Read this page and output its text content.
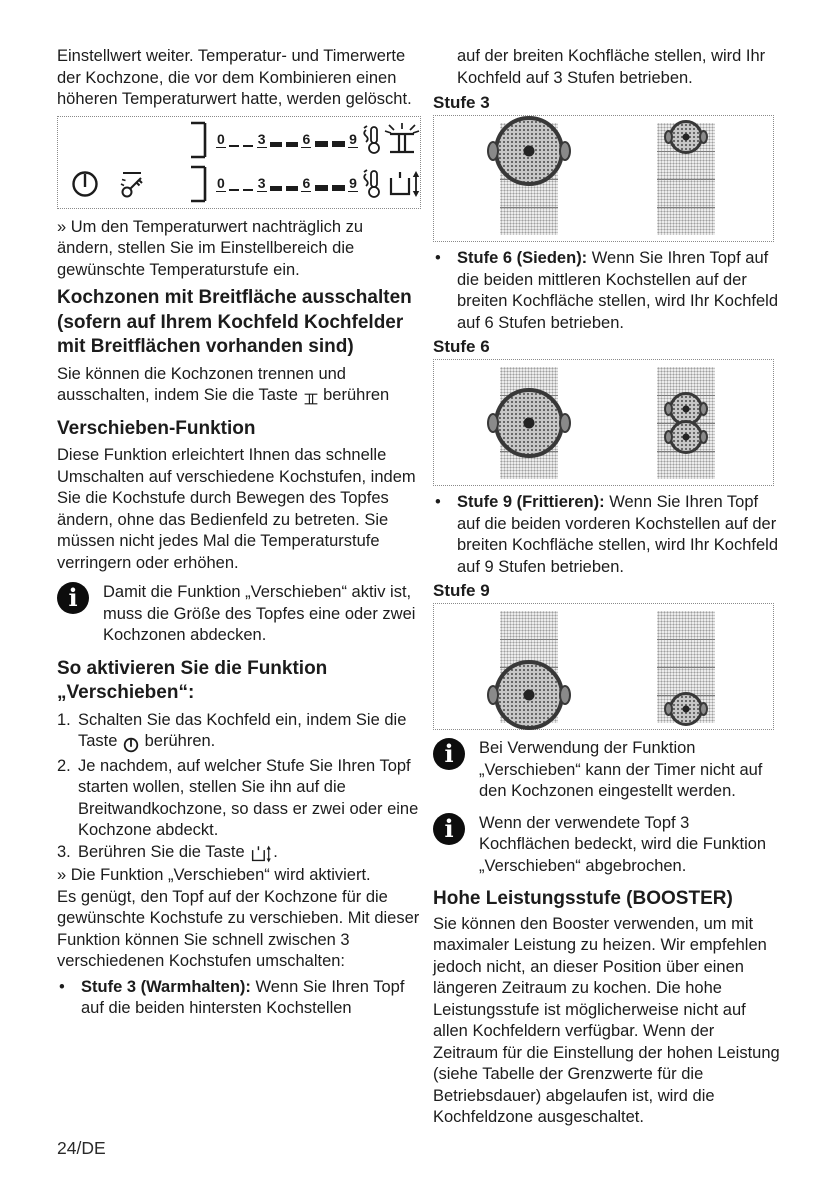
Einstellwert weiter. Temperatur- und Timerwerte der Kochzone, die vor dem Kombinieren einen höheren Temperaturwert hatte, werden gelöscht.

0 3	6	9
0 3	6	9

» Um den Temperaturwert nachträglich zu ändern, stellen Sie im Einstellbereich die gewünschte Temperaturstufe ein.

Kochzonen mit Breitfläche ausschalten (sofern auf Ihrem Kochfeld Kochfelder mit Breitflächen vorhanden sind)

Sie können die Kochzonen trennen und ausschalten, indem Sie die Taste berühren

Verschieben-Funktion

Diese Funktion erleichtert Ihnen das schnelle Umschalten auf verschiedene Kochstufen, indem Sie die Kochstufe durch Bewegen des Topfes ändern, ohne das Bedienfeld zu betreten. Sie müssen nicht jedes Mal die Temperaturstufe verringern oder erhöhen.

i	Damit die Funktion „Verschieben“ aktiv ist, muss die Größe des Topfes eine oder zwei Kochzonen abdecken.
So aktivieren Sie die Funktion „Verschieben“:
1. Schalten Sie das Kochfeld ein, indem Sie die Taste berühren.
2. Je nachdem, auf welcher Stufe Sie Ihren Topf starten wollen, stellen Sie ihn auf die Breitwandkochzone, so dass er zwei oder eine Kochzone abdeckt.
3. Berühren Sie die Taste .

» Die Funktion „Verschieben“ wird aktiviert.

Es genügt, den Topf auf der Kochzone für die gewünschte Kochstufe zu verschieben. Mit dieser Funktion können Sie schnell zwischen 3 verschiedenen Kochstufen umschalten:

• Stufe 3 (Warmhalten): Wenn Sie Ihren Topf auf die beiden hintersten Kochstellen

auf der breiten Kochfläche stellen, wird Ihr Kochfeld auf 3 Stufen betrieben.

Stufe 3
• Stufe 6 (Sieden): Wenn Sie Ihren Topf auf die beiden mittleren Kochstellen auf der breiten Kochfläche stellen, wird Ihr Kochfeld auf 6 Stufen betrieben.
Stufe 6
• Stufe 9 (Frittieren): Wenn Sie Ihren Topf auf die beiden vorderen Kochstellen auf der breiten Kochfläche stellen, wird Ihr Kochfeld auf 9 Stufen betrieben.
Stufe 9
i	Bei Verwendung der Funktion „Verschieben“ kann der Timer nicht auf den Kochzonen eingestellt werden.
i	Wenn der verwendete Topf 3 Kochflächen bedeckt, wird die Funktion „Verschieben“ abgebrochen.
Hohe Leistungsstufe (BOOSTER)

Sie können den Booster verwenden, um mit maximaler Leistung zu heizen. Wir empfehlen jedoch nicht, an dieser Position über einen längeren Zeitraum zu kochen. Die hohe Leistungsstufe ist möglicherweise nicht auf allen Kochfeldern verfügbar. Wenn der Zeitraum für die Einstellung der hohen Leistung (siehe Tabelle der Grenzwerte für die Betriebsdauer) abgelaufen ist, wird die Kochfeldzone ausgeschaltet.

24/DE
